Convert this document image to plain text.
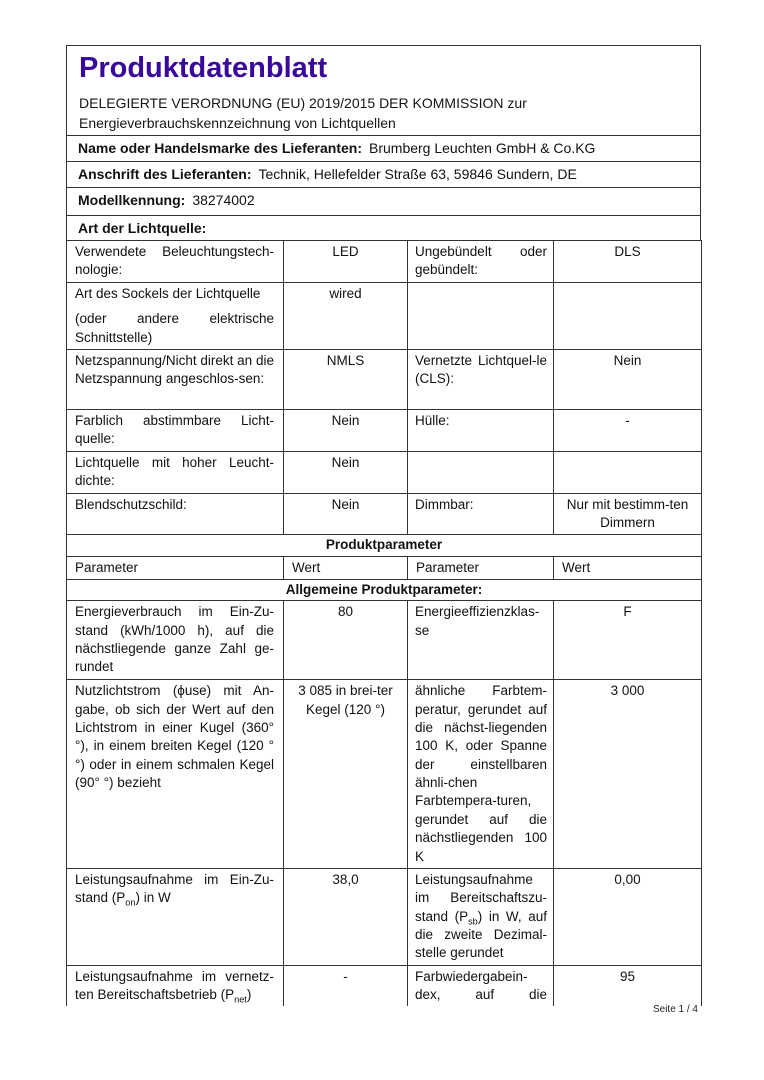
Produktdatenblatt
DELEGIERTE VERORDNUNG (EU) 2019/2015 DER KOMMISSION zur
Energieverbrauchskennzeichnung von Lichtquellen
Name oder Handelsmarke des Lieferanten: Brumberg Leuchten GmbH & Co.KG
Anschrift des Lieferanten: Technik, Hellefelder Straße 63, 59846 Sundern, DE
Modellkennung: 38274002
Art der Lichtquelle:
Verwendete Beleuchtungstech-nologie:	LED	Ungebündelt oder gebündelt:	DLS

Art des Sockels der Lichtquelle
(oder andere elektrische Schnittstelle)	wired		
Netzspannung/Nicht direkt an die Netzspannung angeschlos-sen:	NMLS	Vernetzte Lichtquel-le (CLS):	Nein
Farblich abstimmbare Licht-quelle:	Nein	Hülle:	-
Lichtquelle mit hoher Leucht-dichte:	Nein		
Blendschutzschild:	Nein	Dimmbar:	Nur mit bestimm-ten Dimmern
Produktparameter			
Parameter	Wert	Parameter	Wert
Allgemeine Produktparameter:			
Energieverbrauch im Ein-Zu-stand (kWh/1000 h), auf die nächstliegende ganze Zahl ge-rundet	80	Energieeffizienzklas-se	F
Nutzlichtstrom (ϕuse) mit An-gabe, ob sich der Wert auf den Lichtstrom in einer Kugel (360° °), in einem breiten Kegel (120 °°) oder in einem schmalen Kegel (90° °) bezieht	3 085 in brei-ter Kegel (120 °)	ähnliche Farbtem-peratur, gerundet auf die nächst-liegenden 100 K, oder Spanne der einstellbaren ähnli-chen Farbtempera-turen, gerundet auf die nächstliegenden 100 K	3 000
Leistungsaufnahme im Ein-Zu-stand $(P_{on})$ in W	38,0	Leistungsaufnahme im Bereitschaftszu-stand $(P_{sb})$ in W, auf die zweite Dezimal-stelle gerundet	0,00
Leistungsaufnahme im vernetz-ten Bereitschaftsbetrieb $(P_{net})$	-	Farbwiedergabein-dex, auf die	95
Seite 1 / 4
